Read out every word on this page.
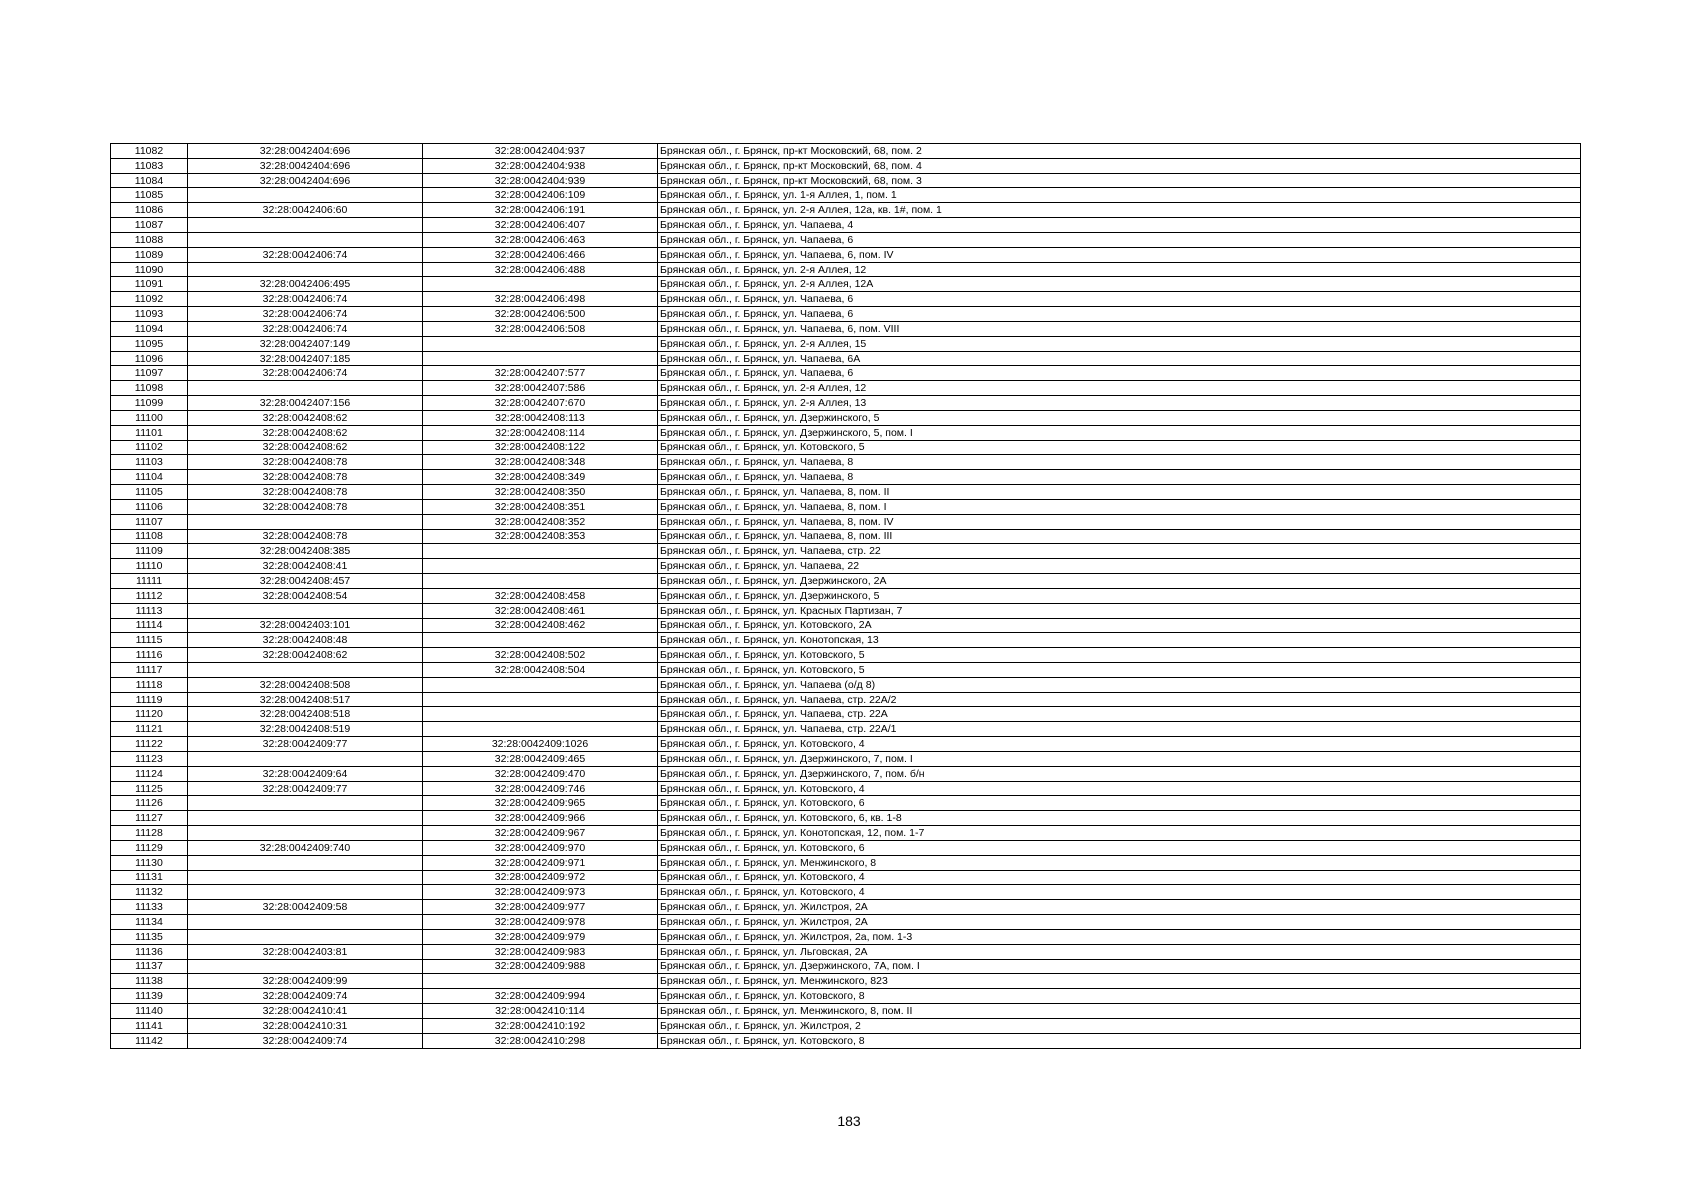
11082	32:28:0042404:696	32:28:0042404:937	Брянская обл., г. Брянск, пр-кт Московский, 68, пом. 2
11083	32:28:0042404:696	32:28:0042404:938	Брянская обл., г. Брянск, пр-кт Московский, 68, пом. 4
11084	32:28:0042404:696	32:28:0042404:939	Брянская обл., г. Брянск, пр-кт Московский, 68, пом. 3
11085		32:28:0042406:109	Брянская обл., г. Брянск, ул. 1-я Аллея, 1, пом. 1
11086	32:28:0042406:60	32:28:0042406:191	Брянская обл., г. Брянск, ул. 2-я Аллея, 12а, кв. 1#, пом. 1
11087		32:28:0042406:407	Брянская обл., г. Брянск, ул. Чапаева, 4
11088		32:28:0042406:463	Брянская обл., г. Брянск, ул. Чапаева, 6
11089	32:28:0042406:74	32:28:0042406:466	Брянская обл., г. Брянск, ул. Чапаева, 6, пом. IV
11090		32:28:0042406:488	Брянская обл., г. Брянск, ул. 2-я Аллея, 12
11091	32:28:0042406:495		Брянская обл., г. Брянск, ул. 2-я Аллея, 12А
11092	32:28:0042406:74	32:28:0042406:498	Брянская обл., г. Брянск, ул. Чапаева, 6
11093	32:28:0042406:74	32:28:0042406:500	Брянская обл., г. Брянск, ул. Чапаева, 6
11094	32:28:0042406:74	32:28:0042406:508	Брянская обл., г. Брянск, ул. Чапаева, 6, пом. VIII
11095	32:28:0042407:149		Брянская обл., г. Брянск, ул. 2-я Аллея, 15
11096	32:28:0042407:185		Брянская обл., г. Брянск, ул. Чапаева, 6А
11097	32:28:0042406:74	32:28:0042407:577	Брянская обл., г. Брянск, ул. Чапаева, 6
11098		32:28:0042407:586	Брянская обл., г. Брянск, ул. 2-я Аллея, 12
11099	32:28:0042407:156	32:28:0042407:670	Брянская обл., г. Брянск, ул. 2-я Аллея, 13
11100	32:28:0042408:62	32:28:0042408:113	Брянская обл., г. Брянск, ул. Дзержинского, 5
11101	32:28:0042408:62	32:28:0042408:114	Брянская обл., г. Брянск, ул. Дзержинского, 5, пом. I
11102	32:28:0042408:62	32:28:0042408:122	Брянская обл., г. Брянск, ул. Котовского, 5
11103	32:28:0042408:78	32:28:0042408:348	Брянская обл., г. Брянск, ул. Чапаева, 8
11104	32:28:0042408:78	32:28:0042408:349	Брянская обл., г. Брянск, ул. Чапаева, 8
11105	32:28:0042408:78	32:28:0042408:350	Брянская обл., г. Брянск, ул. Чапаева, 8, пом. II
11106	32:28:0042408:78	32:28:0042408:351	Брянская обл., г. Брянск, ул. Чапаева, 8, пом. I
11107		32:28:0042408:352	Брянская обл., г. Брянск, ул. Чапаева, 8, пом. IV
11108	32:28:0042408:78	32:28:0042408:353	Брянская обл., г. Брянск, ул. Чапаева, 8, пом. III
11109	32:28:0042408:385		Брянская обл., г. Брянск, ул. Чапаева, стр. 22
11110	32:28:0042408:41		Брянская обл., г. Брянск, ул. Чапаева, 22
11111	32:28:0042408:457		Брянская обл., г. Брянск, ул. Дзержинского, 2А
11112	32:28:0042408:54	32:28:0042408:458	Брянская обл., г. Брянск, ул. Дзержинского, 5
11113		32:28:0042408:461	Брянская обл., г. Брянск, ул. Красных Партизан, 7
11114	32:28:0042403:101	32:28:0042408:462	Брянская обл., г. Брянск, ул. Котовского, 2А
11115	32:28:0042408:48		Брянская обл., г. Брянск, ул. Конотопская, 13
11116	32:28:0042408:62	32:28:0042408:502	Брянская обл., г. Брянск, ул. Котовского, 5
11117		32:28:0042408:504	Брянская обл., г. Брянск, ул. Котовского, 5
11118	32:28:0042408:508		Брянская обл., г. Брянск, ул. Чапаева (о/д 8)
11119	32:28:0042408:517		Брянская обл., г. Брянск, ул. Чапаева, стр. 22А/2
11120	32:28:0042408:518		Брянская обл., г. Брянск, ул. Чапаева, стр. 22А
11121	32:28:0042408:519		Брянская обл., г. Брянск, ул. Чапаева, стр. 22А/1
11122	32:28:0042409:77	32:28:0042409:1026	Брянская обл., г. Брянск, ул. Котовского, 4
11123		32:28:0042409:465	Брянская обл., г. Брянск, ул. Дзержинского, 7, пом. I
11124	32:28:0042409:64	32:28:0042409:470	Брянская обл., г. Брянск, ул. Дзержинского, 7, пом. б/н
11125	32:28:0042409:77	32:28:0042409:746	Брянская обл., г. Брянск, ул. Котовского, 4
11126		32:28:0042409:965	Брянская обл., г. Брянск, ул. Котовского, 6
11127		32:28:0042409:966	Брянская обл., г. Брянск, ул. Котовского, 6, кв. 1-8
11128		32:28:0042409:967	Брянская обл., г. Брянск, ул. Конотопская, 12, пом. 1-7
11129	32:28:0042409:740	32:28:0042409:970	Брянская обл., г. Брянск, ул. Котовского, 6
11130		32:28:0042409:971	Брянская обл., г. Брянск, ул. Менжинского, 8
11131		32:28:0042409:972	Брянская обл., г. Брянск, ул. Котовского, 4
11132		32:28:0042409:973	Брянская обл., г. Брянск, ул. Котовского, 4
11133	32:28:0042409:58	32:28:0042409:977	Брянская обл., г. Брянск, ул. Жилстроя, 2А
11134		32:28:0042409:978	Брянская обл., г. Брянск, ул. Жилстроя, 2А
11135		32:28:0042409:979	Брянская обл., г. Брянск, ул. Жилстроя, 2а, пом. 1-3
11136	32:28:0042403:81	32:28:0042409:983	Брянская обл., г. Брянск, ул. Льговская, 2А
11137		32:28:0042409:988	Брянская обл., г. Брянск, ул. Дзержинского, 7А, пом. I
11138	32:28:0042409:99		Брянская обл., г. Брянск, ул. Менжинского, 823
11139	32:28:0042409:74	32:28:0042409:994	Брянская обл., г. Брянск, ул. Котовского, 8
11140	32:28:0042410:41	32:28:0042410:114	Брянская обл., г. Брянск, ул. Менжинского, 8, пом. II
11141	32:28:0042410:31	32:28:0042410:192	Брянская обл., г. Брянск, ул. Жилстроя, 2
11142	32:28:0042409:74	32:28:0042410:298	Брянская обл., г. Брянск, ул. Котовского, 8
183
